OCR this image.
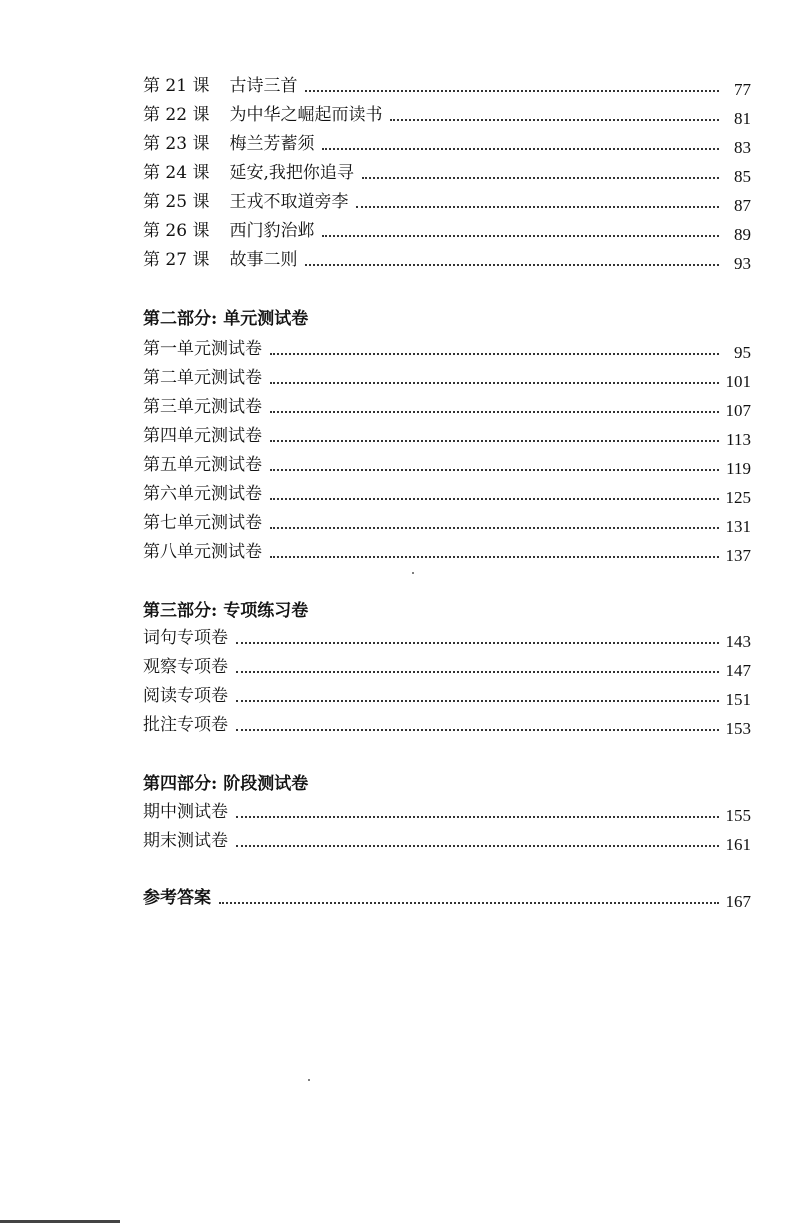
第 21 课 古诗三首	77
第 22 课 为中华之崛起而读书	81
第 23 课 梅兰芳蓄须	83
第 24 课 延安,我把你追寻	85
第 25 课 王戎不取道旁李	87
第 26 课 西门豹治邺	89
第 27 课 故事二则	93
第二部分: 单元测试卷
第一单元测试卷	95
第二单元测试卷	101
第三单元测试卷	107
第四单元测试卷	113
第五单元测试卷	119
第六单元测试卷	125
第七单元测试卷	131
第八单元测试卷	137
第三部分: 专项练习卷
词句专项卷	143
观察专项卷	147
阅读专项卷	151
批注专项卷	153
第四部分: 阶段测试卷
期中测试卷	155
期末测试卷	161
参考答案	167
